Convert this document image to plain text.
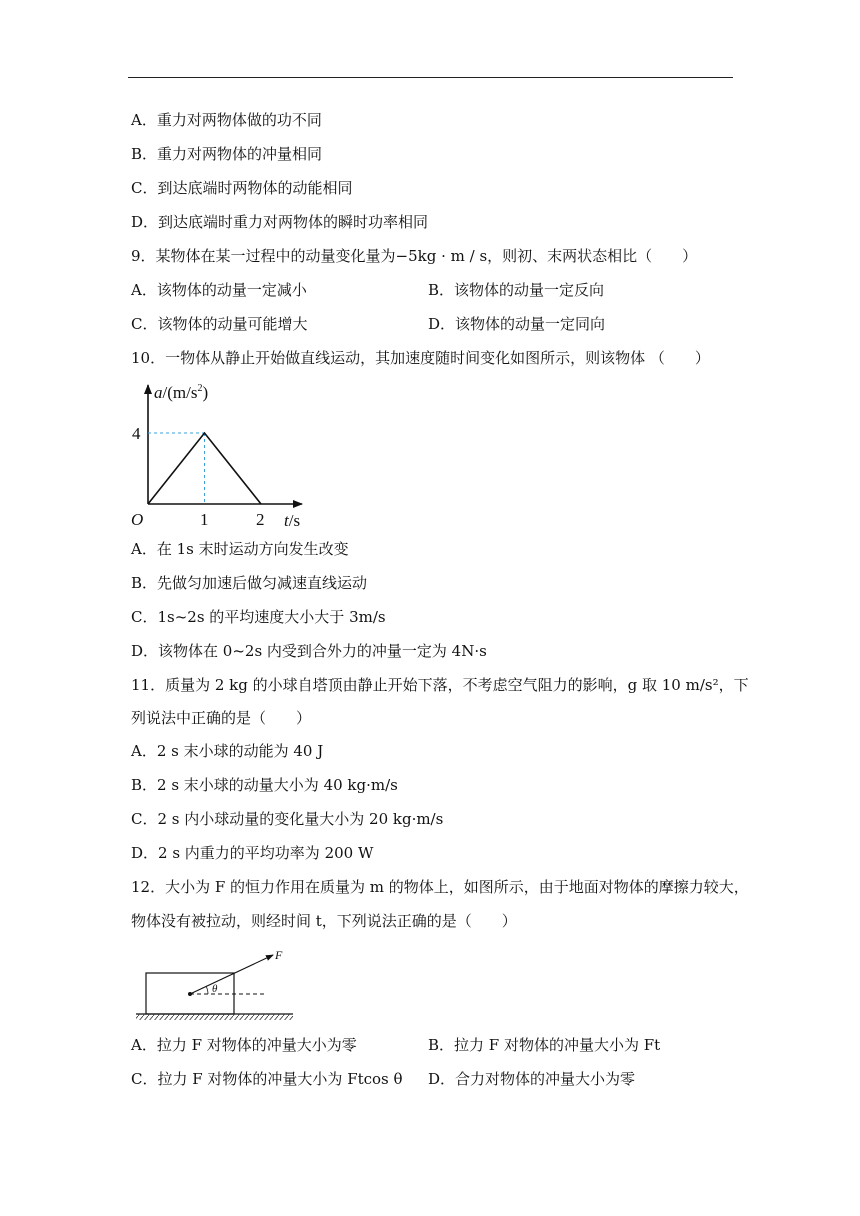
A．重力对两物体做的功不同
B．重力对两物体的冲量相同
C．到达底端时两物体的动能相同
D．到达底端时重力对两物体的瞬时功率相同
9．某物体在某一过程中的动量变化量为−5kg · m / s，则初、末两状态相比（　　）
A．该物体的动量一定减小	B．该物体的动量一定反向
C．该物体的动量可能增大	D．该物体的动量一定同向
10．一物体从静止开始做直线运动，其加速度随时间变化如图所示，则该物体 （　　）
$a/(m/s^2)$
4
O	1	2 t/s
A．在 1s 末时运动方向发生改变
B．先做匀加速后做匀减速直线运动
C．1s~2s 的平均速度大小大于 3m/s
D．该物体在 0~2s 内受到合外力的冲量一定为 4N·s
11．质量为 2 kg 的小球自塔顶由静止开始下落，不考虑空气阻力的影响，g 取 10 m/s²，下
列说法中正确的是（　　）
A．2 s 末小球的动能为 40 J
B．2 s 末小球的动量大小为 40 kg·m/s
C．2 s 内小球动量的变化量大小为 20 kg·m/s
D．2 s 内重力的平均功率为 200 W
12．大小为 F 的恒力作用在质量为 m 的物体上，如图所示，由于地面对物体的摩擦力较大，
物体没有被拉动，则经时间 t，下列说法正确的是（　　）
θ
F
A．拉力 F 对物体的冲量大小为零	B．拉力 F 对物体的冲量大小为 Ft
C．拉力 F 对物体的冲量大小为 Ftcos θ D．合力对物体的冲量大小为零
